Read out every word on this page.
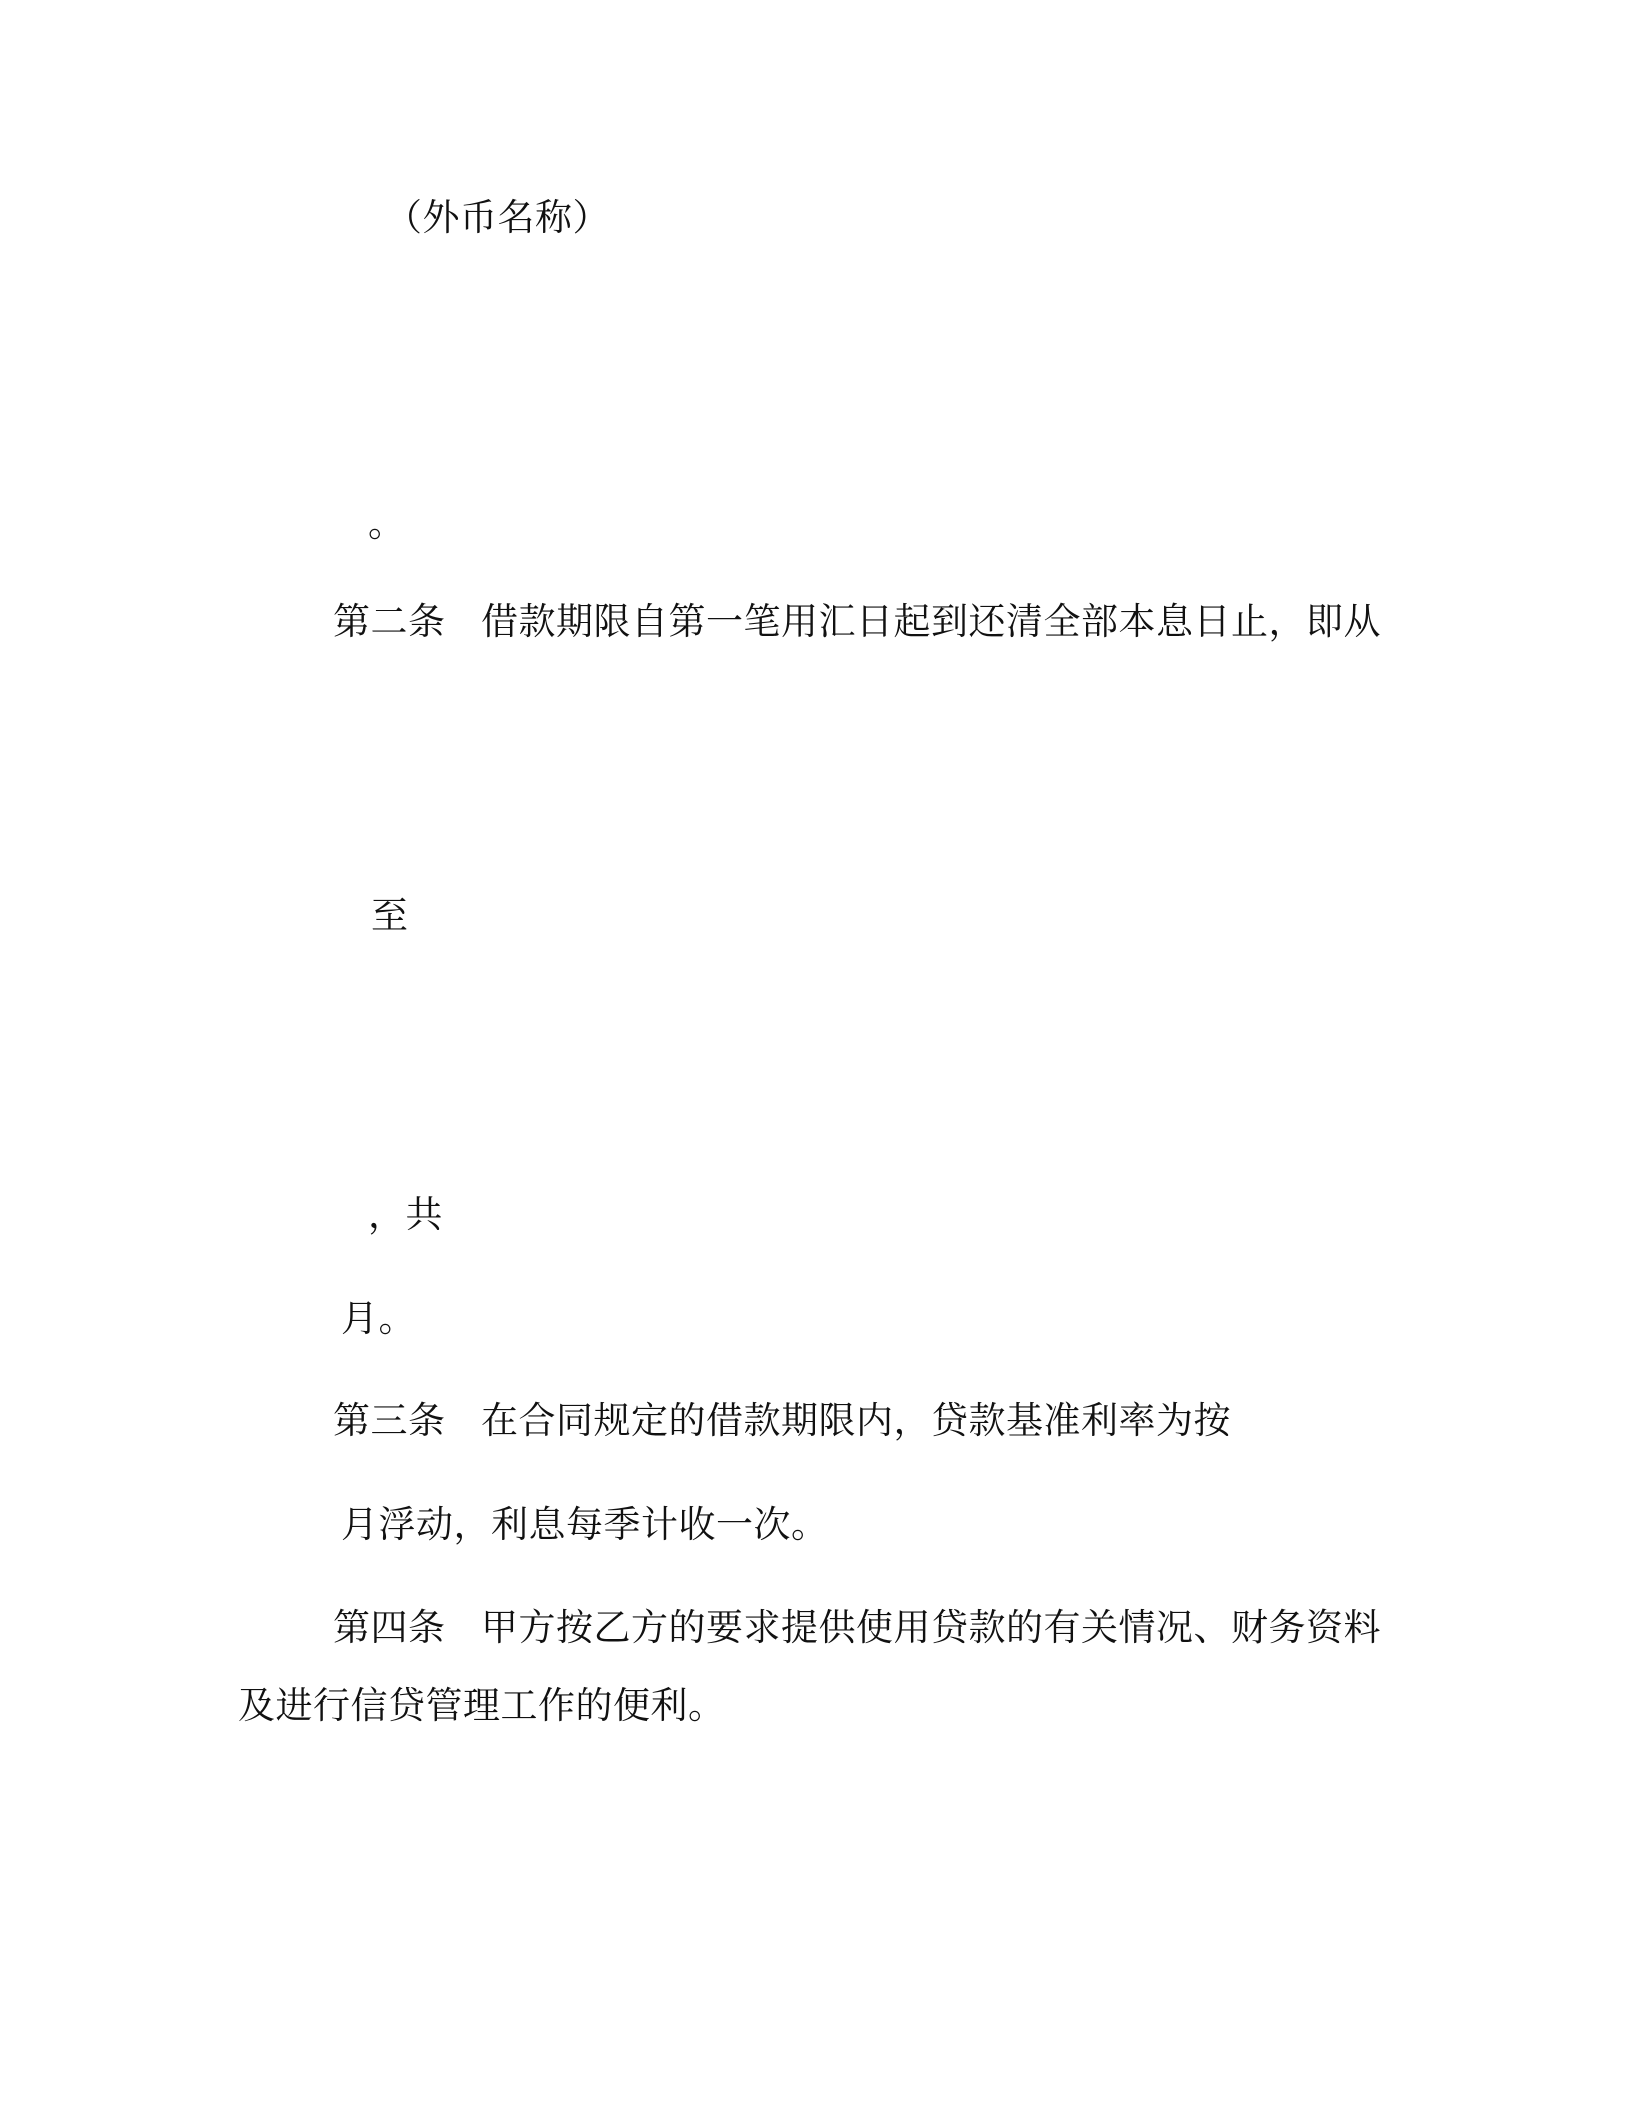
（外币名称）
。
第二条 借款期限自第一笔用汇日起到还清全部本息日止，即从
至
，共
月。
第三条 在合同规定的借款期限内，贷款基准利率为按
月浮动，利息每季计收一次。
第四条 甲方按乙方的要求提供使用贷款的有关情况、财务资料
及进行信贷管理工作的便利。
